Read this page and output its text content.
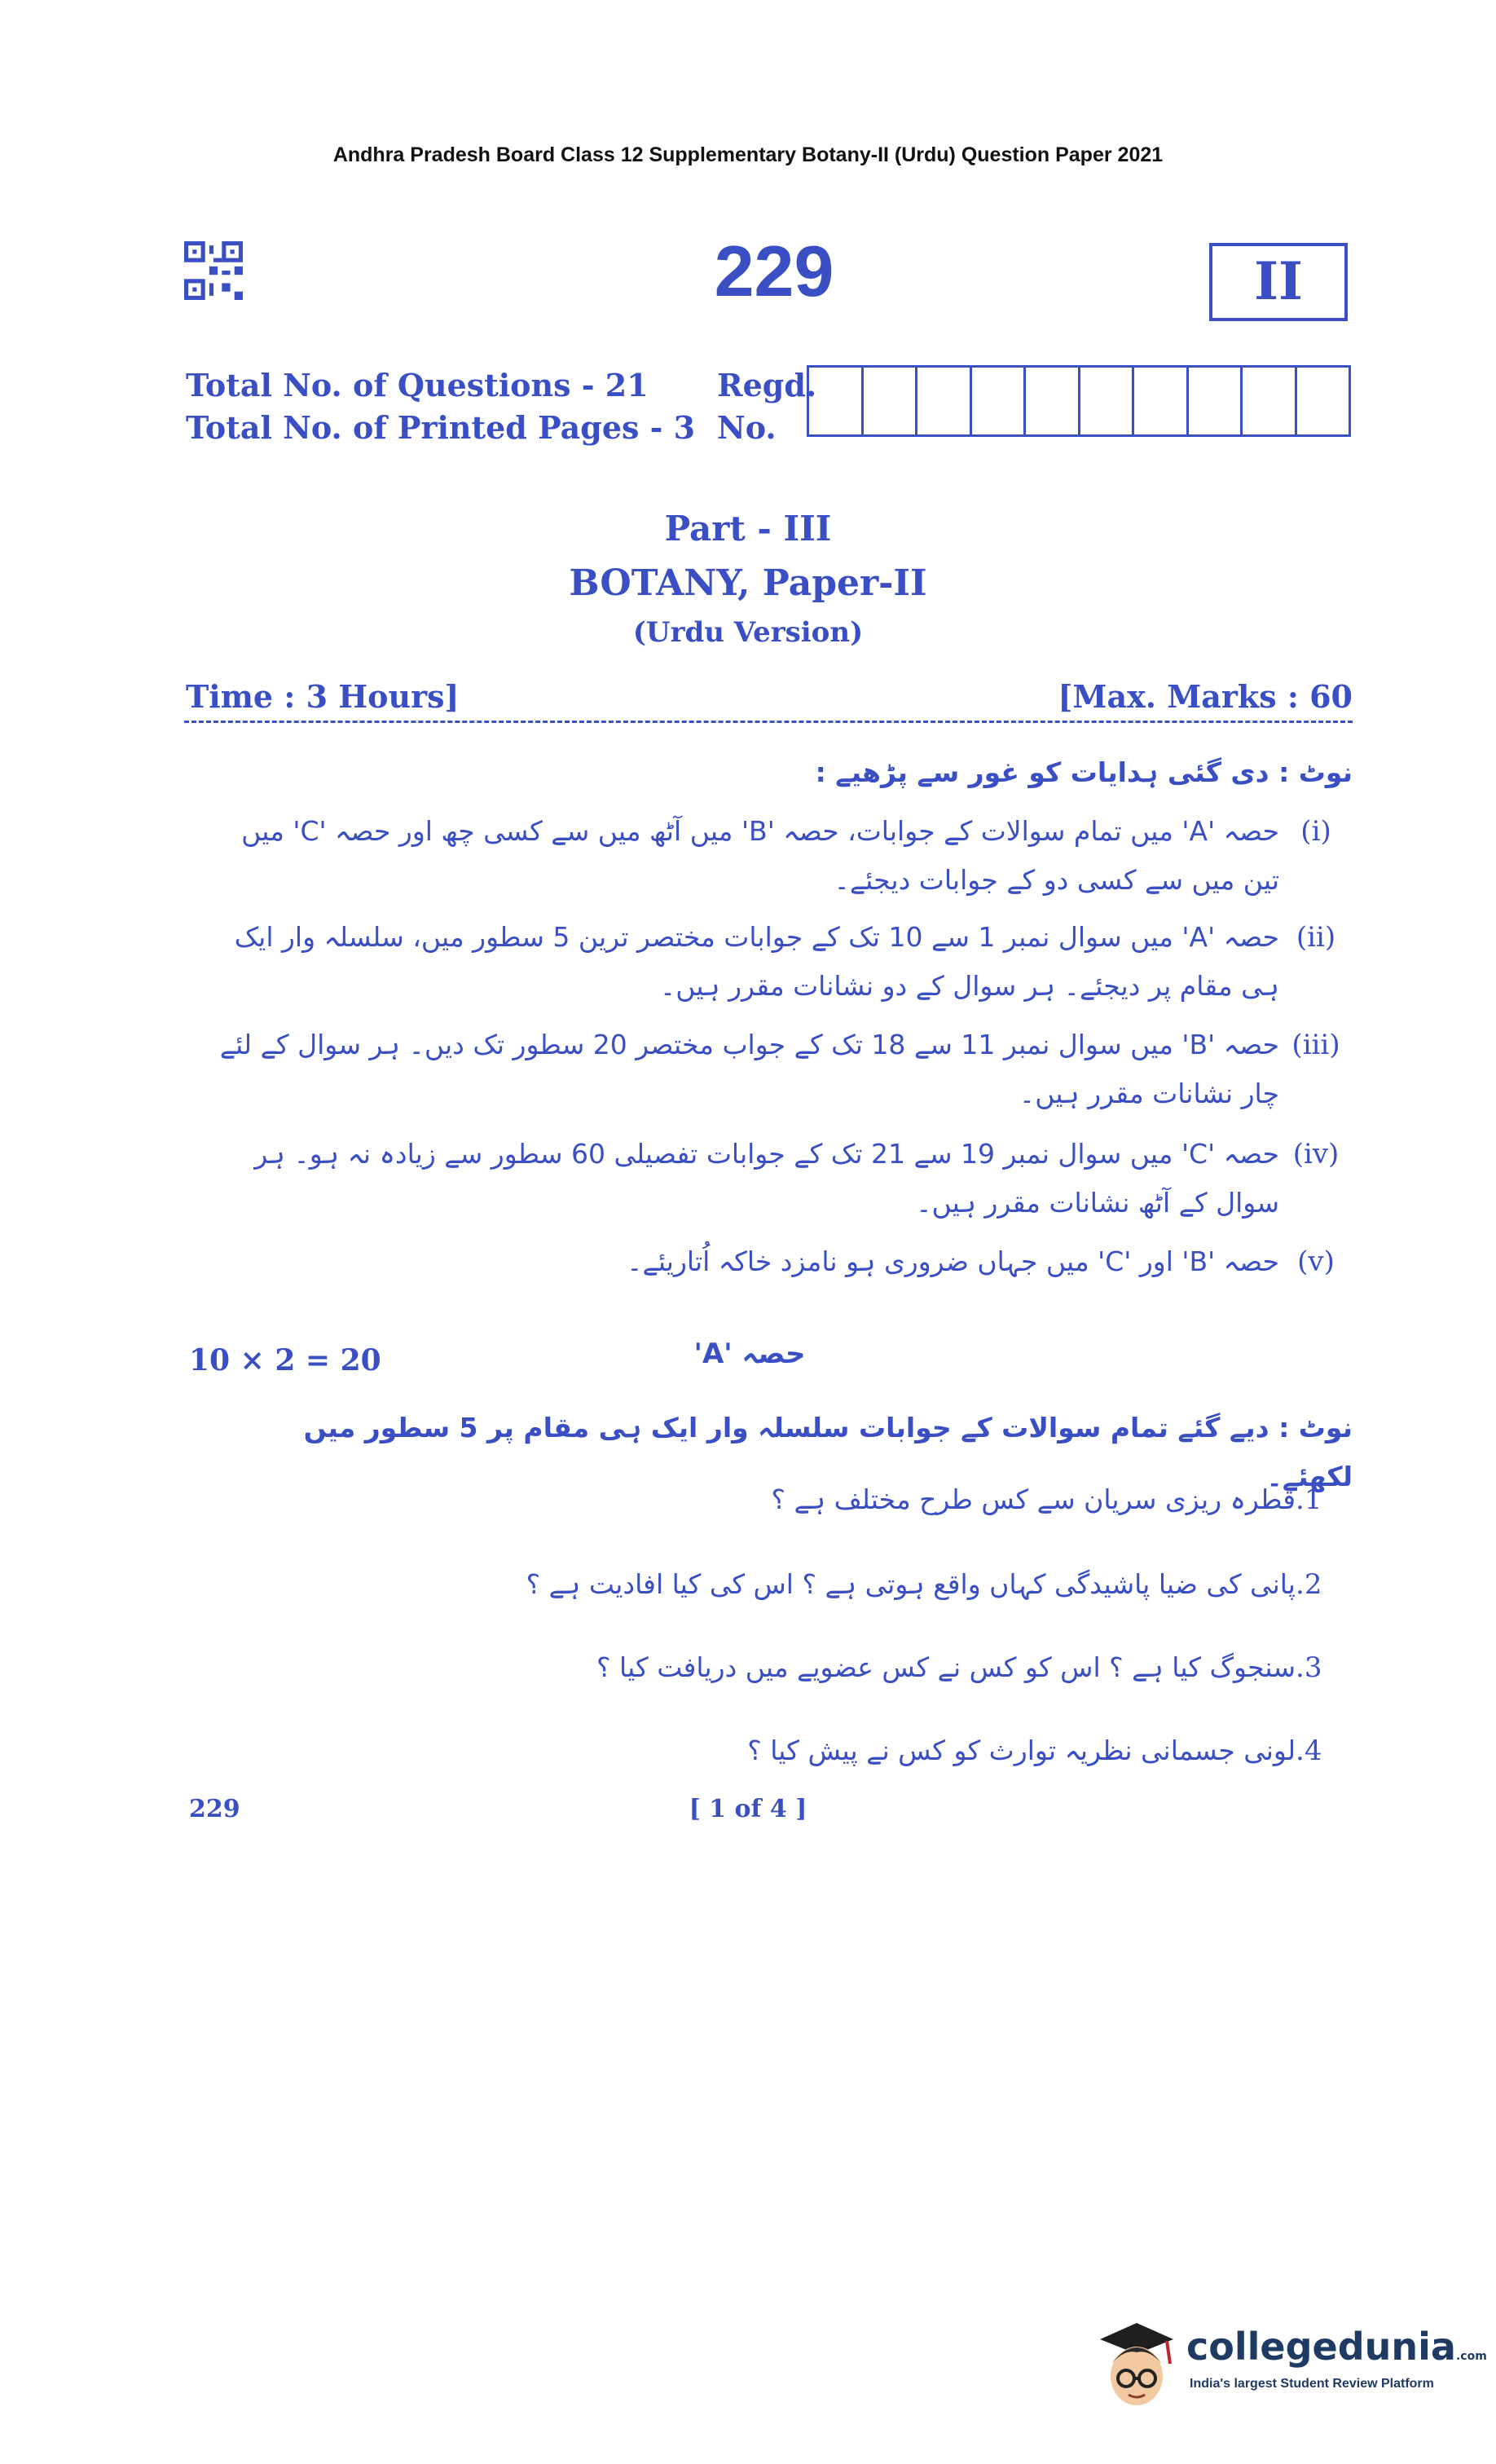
Andhra Pradesh Board Class 12 Supplementary Botany-II (Urdu) Question Paper 2021
229	II
Total No. of Questions - 21
Total No. of Printed Pages - 3
Regd.
No.
Part - III
BOTANY, Paper-II
(Urdu Version)
Time : 3 Hours]	[Max. Marks : 60
نوٹ : دی گئی ہدایات کو غور سے پڑھیے :
(i)
حصہ 'A' میں تمام سوالات کے جوابات، حصہ 'B' میں آٹھ میں سے کسی چھ اور حصہ 'C' میں تین میں سے کسی دو کے جوابات دیجئے۔
(ii)
حصہ 'A' میں سوال نمبر 1 سے 10 تک کے جوابات مختصر ترین 5 سطور میں، سلسلہ وار ایک ہی مقام پر دیجئے۔ ہر سوال کے دو نشانات مقرر ہیں۔
(iii)
حصہ 'B' میں سوال نمبر 11 سے 18 تک کے جواب مختصر 20 سطور تک دیں۔ ہر سوال کے لئے چار نشانات مقرر ہیں۔
(iv)
حصہ 'C' میں سوال نمبر 19 سے 21 تک کے جوابات تفصیلی 60 سطور سے زیادہ نہ ہو۔ ہر سوال کے آٹھ نشانات مقرر ہیں۔
(v)
حصہ 'B' اور 'C' میں جہاں ضروری ہو نامزد خاکہ اُتاریئے۔
10 × 2 = 20	حصہ 'A'
نوٹ : دیے گئے تمام سوالات کے جوابات سلسلہ وار ایک ہی مقام پر 5 سطور میں لکھئے۔
1.
قطرہ ریزی سریان سے کس طرح مختلف ہے ؟
2.
پانی کی ضیا پاشیدگی کہاں واقع ہوتی ہے ؟ اس کی کیا افادیت ہے ؟
3.
سنجوگ کیا ہے ؟ اس کو کس نے کس عضویے میں دریافت کیا ؟
4.
لونی جسمانی نظریہ توارث کو کس نے پیش کیا ؟
229	[ 1 of 4 ]
collegedunia.com
India's largest Student Review Platform
